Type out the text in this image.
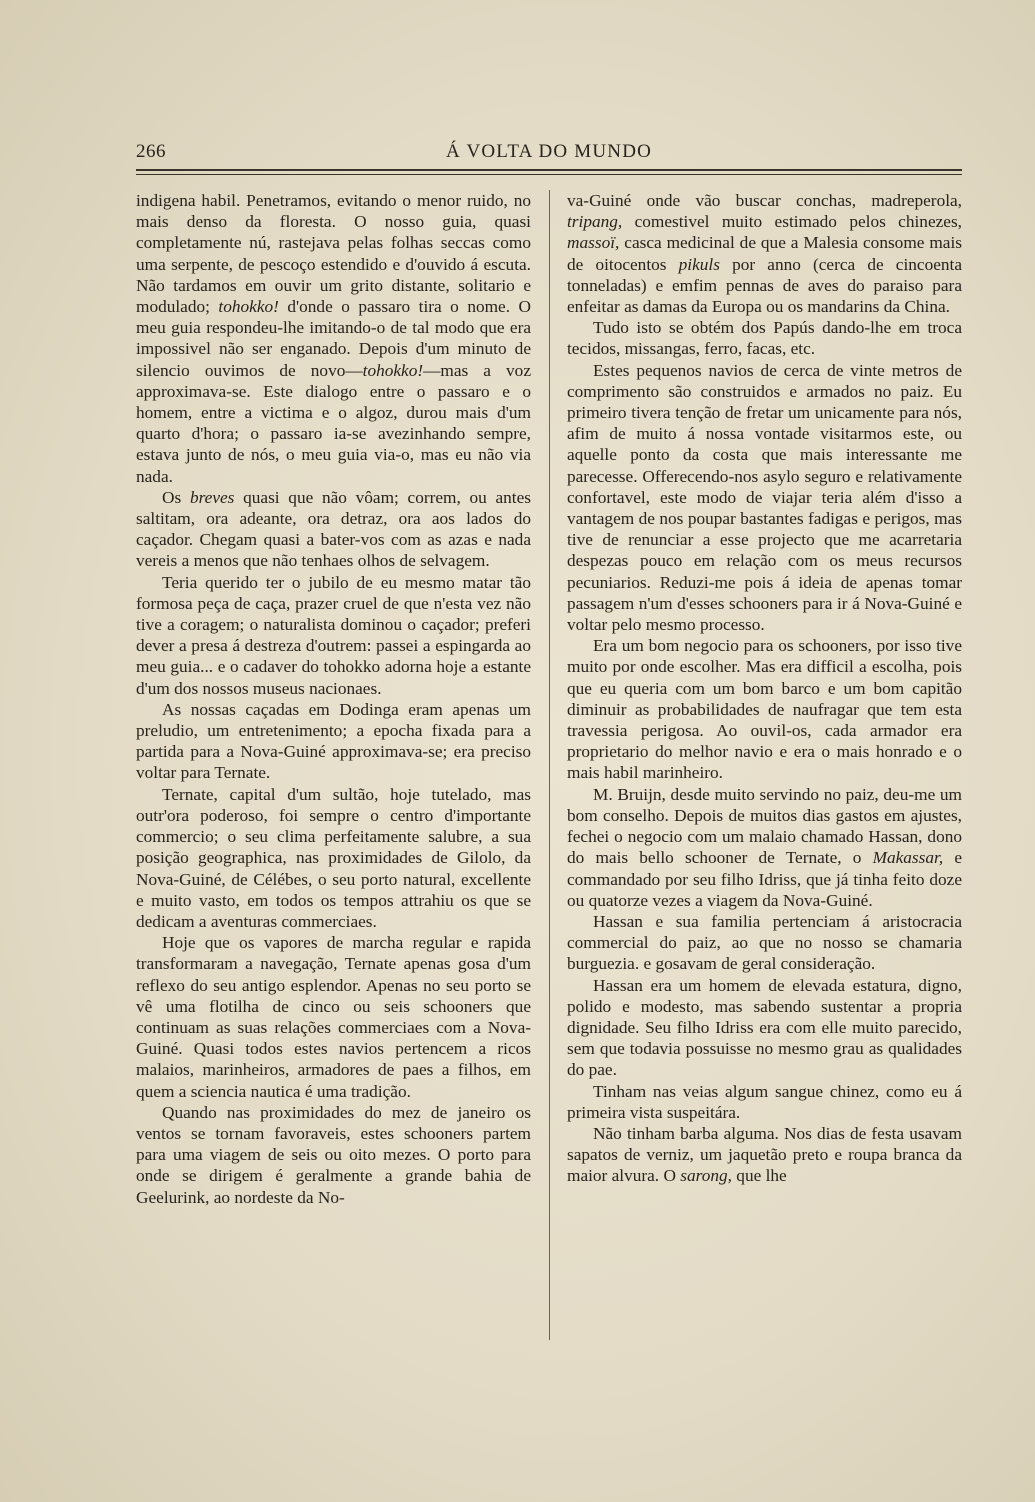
266	Á VOLTA DO MUNDO

indigena habil. Penetramos, evitando o menor ruido, no mais denso da floresta. O nosso guia, quasi completamente nú, rastejava pelas folhas seccas como uma serpente, de pescoço estendido e d'ouvido á escuta. Não tardamos em ouvir um grito distante, solitario e modulado; tohokko! d'onde o passaro tira o nome. O meu guia respondeu-lhe imitando-o de tal modo que era impossivel não ser enganado. Depois d'um minuto de silencio ouvimos de novo—tohokko!—mas a voz approximava-se. Este dialogo entre o passaro e o homem, entre a victima e o algoz, durou mais d'um quarto d'hora; o passaro ia-se avezinhando sempre, estava junto de nós, o meu guia via-o, mas eu não via nada.

Os breves quasi que não vôam; correm, ou antes saltitam, ora adeante, ora detraz, ora aos lados do caçador. Chegam quasi a bater-vos com as azas e nada vereis a menos que não tenhaes olhos de selvagem.

Teria querido ter o jubilo de eu mesmo matar tão formosa peça de caça, prazer cruel de que n'esta vez não tive a coragem; o naturalista dominou o caçador; preferi dever a presa á destreza d'outrem: passei a espingarda ao meu guia... e o cadaver do tohokko adorna hoje a estante d'um dos nossos museus nacionaes.

As nossas caçadas em Dodinga eram apenas um preludio, um entretenimento; a epocha fixada para a partida para a Nova-Guiné approximava-se; era preciso voltar para Ternate.

Ternate, capital d'um sultão, hoje tutelado, mas outr'ora poderoso, foi sempre o centro d'importante commercio; o seu clima perfeitamente salubre, a sua posição geographica, nas proximidades de Gilolo, da Nova-Guiné, de Célébes, o seu porto natural, excellente e muito vasto, em todos os tempos attrahiu os que se dedicam a aventuras commerciaes.

Hoje que os vapores de marcha regular e rapida transformaram a navegação, Ternate apenas gosa d'um reflexo do seu antigo esplendor. Apenas no seu porto se vê uma flotilha de cinco ou seis schooners que continuam as suas relações commerciaes com a Nova-Guiné. Quasi todos estes navios pertencem a ricos malaios, marinheiros, armadores de paes a filhos, em quem a sciencia nautica é uma tradição.

Quando nas proximidades do mez de janeiro os ventos se tornam favoraveis, estes schooners partem para uma viagem de seis ou oito mezes. O porto para onde se dirigem é geralmente a grande bahia de Geelurink, ao nordeste da No-

va-Guiné onde vão buscar conchas, madreperola, tripang, comestivel muito estimado pelos chinezes, massoï, casca medicinal de que a Malesia consome mais de oitocentos pikuls por anno (cerca de cincoenta tonneladas) e emfim pennas de aves do paraiso para enfeitar as damas da Europa ou os mandarins da China.

Tudo isto se obtém dos Papús dando-lhe em troca tecidos, missangas, ferro, facas, etc.

Estes pequenos navios de cerca de vinte metros de comprimento são construidos e armados no paiz. Eu primeiro tivera tenção de fretar um unicamente para nós, afim de muito á nossa vontade visitarmos este, ou aquelle ponto da costa que mais interessante me parecesse. Offerecendo-nos asylo seguro e relativamente confortavel, este modo de viajar teria além d'isso a vantagem de nos poupar bastantes fadigas e perigos, mas tive de renunciar a esse projecto que me acarretaria despezas pouco em relação com os meus recursos pecuniarios. Reduzi-me pois á ideia de apenas tomar passagem n'um d'esses schooners para ir á Nova-Guiné e voltar pelo mesmo processo.

Era um bom negocio para os schooners, por isso tive muito por onde escolher. Mas era difficil a escolha, pois que eu queria com um bom barco e um bom capitão diminuir as probabilidades de naufragar que tem esta travessia perigosa. Ao ouvil-os, cada armador era proprietario do melhor navio e era o mais honrado e o mais habil marinheiro.

M. Bruijn, desde muito servindo no paiz, deu-me um bom conselho. Depois de muitos dias gastos em ajustes, fechei o negocio com um malaio chamado Hassan, dono do mais bello schooner de Ternate, o Makassar, e commandado por seu filho Idriss, que já tinha feito doze ou quatorze vezes a viagem da Nova-Guiné.

Hassan e sua familia pertenciam á aristocracia commercial do paiz, ao que no nosso se chamaria burguezia. e gosavam de geral consideração.

Hassan era um homem de elevada estatura, digno, polido e modesto, mas sabendo sustentar a propria dignidade. Seu filho Idriss era com elle muito parecido, sem que todavia possuisse no mesmo grau as qualidades do pae.

Tinham nas veias algum sangue chinez, como eu á primeira vista suspeitára.

Não tinham barba alguma. Nos dias de festa usavam sapatos de verniz, um jaquetão preto e roupa branca da maior alvura. O sarong, que lhe
